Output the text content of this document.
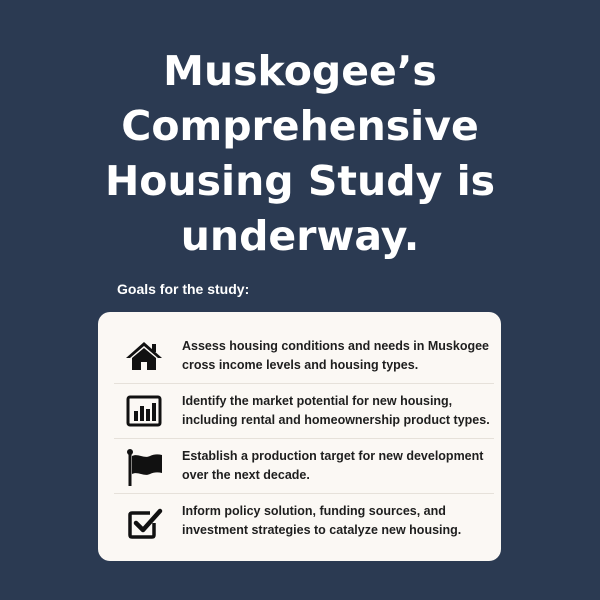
Muskogee’s
Comprehensive
Housing Study is
underway.
Goals for the study:
Assess housing conditions and needs in Muskogee
cross income levels and housing types.
Identify the market potential for new housing,
including rental and homeownership product types.
Establish a production target for new development
over the next decade.
Inform policy solution, funding sources, and
investment strategies to catalyze new housing.
